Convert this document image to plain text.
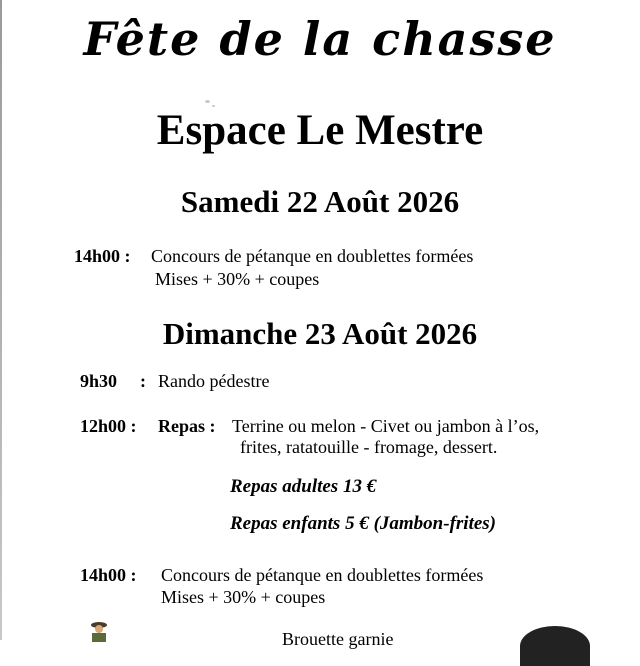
Fête de la chasse
Espace Le Mestre
Samedi 22 Août 2026
14h00 : Concours de pétanque en doublettes formées
Mises + 30% + coupes
Dimanche 23 Août 2026
9h30 : Rando pédestre
12h00 : Repas : Terrine ou melon - Civet ou jambon à l’os,
frites, ratatouille - fromage, dessert.
Repas adultes 13 €
Repas enfants 5 € (Jambon-frites)
14h00 : Concours de pétanque en doublettes formées
Mises + 30% + coupes
Brouette garnie
